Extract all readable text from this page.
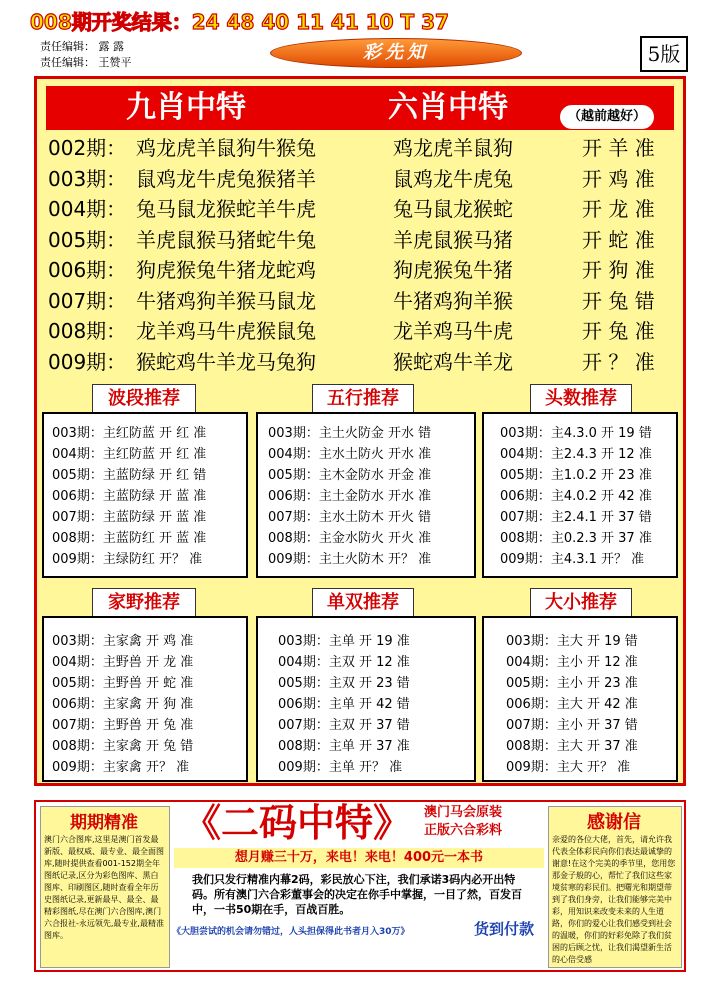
008期开奖结果：24 48 40 11 41 10 T 37
责任编辑： 露 露
责任编辑： 王赞平	彩先知	5版
九肖中特	六肖中特	（越前越好）
002期： 鸡龙虎羊鼠狗牛猴兔	鸡龙虎羊鼠狗	开 羊 准
003期： 鼠鸡龙牛虎兔猴猪羊	鼠鸡龙牛虎兔	开 鸡 准
004期： 兔马鼠龙猴蛇羊牛虎	兔马鼠龙猴蛇	开 龙 准
005期： 羊虎鼠猴马猪蛇牛兔	羊虎鼠猴马猪	开 蛇 准
006期： 狗虎猴兔牛猪龙蛇鸡	狗虎猴兔牛猪	开 狗 准
007期： 牛猪鸡狗羊猴马鼠龙	牛猪鸡狗羊猴	开 兔 错
008期： 龙羊鸡马牛虎猴鼠兔	龙羊鸡马牛虎	开 兔 准
009期： 猴蛇鸡牛羊龙马兔狗	猴蛇鸡牛羊龙	开 ？ 准
波段推荐	五行推荐	头数推荐
003期：主红防蓝 开 红 准
004期：主红防蓝 开 红 准
005期：主蓝防绿 开 红 错
006期：主蓝防绿 开 蓝 准
007期：主蓝防绿 开 蓝 准
008期：主蓝防红 开 蓝 准
009期：主绿防红 开？ 准
003期：主土火防金 开水 错
004期：主水土防火 开水 准
005期：主木金防水 开金 准
006期：主土金防水 开水 准
007期：主水土防木 开火 错
008期：主金水防火 开火 准
009期：主土火防木 开？ 准
003期：主4.3.0 开 19 错
004期：主2.4.3 开 12 准
005期：主1.0.2 开 23 准
006期：主4.0.2 开 42 准
007期：主2.4.1 开 37 错
008期：主0.2.3 开 37 准
009期：主4.3.1 开？ 准
家野推荐	单双推荐	大小推荐
003期：主家禽 开 鸡 准
004期：主野兽 开 龙 准
005期：主野兽 开 蛇 准
006期：主家禽 开 狗 准
007期：主野兽 开 兔 准
008期：主家禽 开 兔 错
009期：主家禽 开？ 准
003期：主单 开 19 准
004期：主双 开 12 准
005期：主双 开 23 错
006期：主单 开 42 错
007期：主双 开 37 错
008期：主单 开 37 准
009期：主单 开？ 准
003期：主大 开 19 错
004期：主小 开 12 准
005期：主小 开 23 准
006期：主大 开 42 准
007期：主小 开 37 错
008期：主大 开 37 准
009期：主大 开？ 准
期期精准
澳门六合图库,这里是澳门首发最新版、最权威、最专业、最全面图库,随时提供查看001-152期全年图纸记录,区分为彩色图库、黑白图库、印刷图区,随时查看全年历史图纸记录,更新最早、最全、最精彩图纸,尽在澳门六合图库,澳门六合报社-永远领先,最专业,最精准图库。
《二码中特》	澳门马会原装
正版六合彩料
想月赚三十万，来电！来电！400元一本书
我们只发行精准内幕2码，彩民放心下注，我们承诺3码内必开出特码。所有澳门六合彩董事会的决定在你手中掌握，一目了然，百发百中，一书50期在手，百战百胜。
《大胆尝试的机会请勿错过，人头担保得此书者月入30万》	货到付款
感谢信
亲爱的各位大佬，首先，请允许我代表全体彩民向你们表达最诚挚的谢意!在这个完美的季节里，您用您那金子般的心，帮忙了我们这些家境贫寒的彩民们。把曙光和期望带到了我们身旁，让我们能够完美中彩，用知识来改变未来的人生道路，你们的爱心让我们感受到社会的温暖，你们的好彩免除了我们贫困的后顾之忧，让我们渴望新生活的心倍受感
